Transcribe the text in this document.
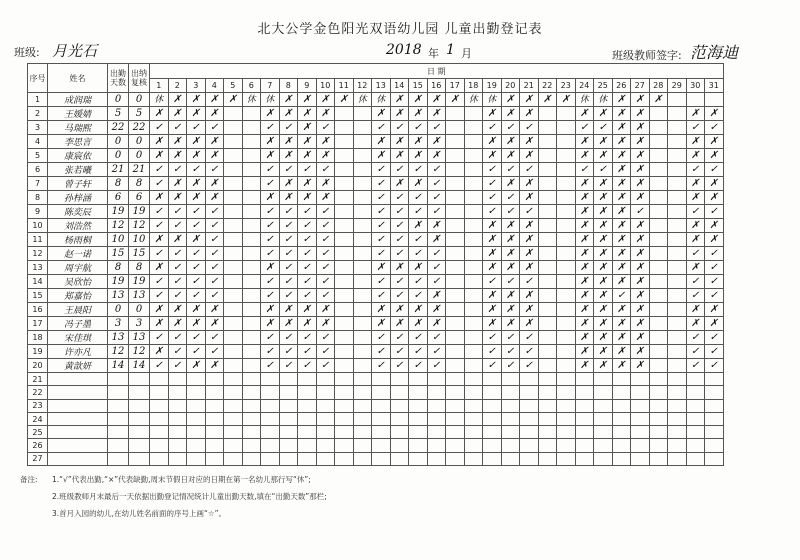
北大公学金色阳光双语幼儿园 儿童出勤登记表
班级: 月光石	2018 年 1 月	班级教师签字: 范海迪
序号	姓名	出勤天数	出纳复核	日 期																														
				1	2	3	4	5	6	7	8	9	10	11	12	13	14	15	16	17	18	19	20	21	22	23	24	25	26	27	28	29	30	31
1	成润瑞	0	0	休	✗	✗	✗	✗	休	休	✗	✗	✗	✗	休	休	✗	✗	✗	✗	休	休	✗	✗	✗	✗	休	休	✗	✗	✗			
2	王媛婧	5	5	✗	✗	✗	✗			✗	✗	✗	✗			✗	✗	✗	✗			✗	✗	✗			✗	✗	✗	✗			✗	✗
3	马瑞熙	22	22	✓	✓	✓	✓			✓	✓	✗	✓			✓	✓	✓	✓			✓	✓	✓			✓	✓	✗	✗			✓	✓
4	李思言	0	0	✗	✗	✗	✗			✗	✗	✗	✗			✗	✗	✗	✗			✗	✗	✗			✗	✗	✗	✗			✗	✗
5	康宸依	0	0	✗	✗	✗	✗			✗	✗	✗	✗			✗	✗	✗	✗			✗	✗	✗			✗	✗	✗	✗			✗	✗
6	张若曦	21	21	✓	✓	✓	✓			✓	✓	✓	✓			✓	✓	✓	✓			✓	✓	✓			✓	✓	✗	✗			✓	✓
7	曾子轩	8	8	✓	✗	✗	✗			✓	✗	✗	✗			✓	✗	✗	✓			✓	✗	✗			✗	✗	✗	✗			✗	✗
8	孙梓涵	6	6	✗	✗	✗	✗			✗	✗	✗	✗			✓	✓	✓	✓			✓	✓	✗			✗	✗	✗	✗			✗	✗
9	陈奕辰	19	19	✓	✓	✓	✓			✓	✓	✓	✓			✓	✓	✓	✓			✓	✓	✓			✗	✗	✗	✓			✓	✓
10	刘浩然	12	12	✓	✓	✓	✓			✓	✓	✓	✓			✓	✓	✗	✗			✗	✗	✗			✗	✗	✗	✗			✗	✗
11	杨雨桐	10	10	✗	✗	✗	✓			✓	✓	✓	✓			✓	✓	✓	✗			✗	✗	✗			✗	✗	✗	✗			✗	✗
12	赵一诺	15	15	✓	✓	✓	✓			✓	✓	✓	✓			✓	✓	✓	✓			✗	✗	✗			✗	✗	✗	✗			✓	✓
13	周宇航	8	8	✗	✓	✓	✓			✗	✓	✓	✓			✗	✗	✗	✓			✗	✗	✗			✗	✗	✗	✗			✗	✓
14	吴欣怡	19	19	✓	✓	✓	✓			✓	✓	✓	✓			✓	✓	✓	✓			✓	✓	✓			✗	✗	✗	✗			✓	✓
15	郑嘉怡	13	13	✓	✓	✓	✓			✓	✓	✓	✓			✓	✓	✓	✗			✗	✗	✗			✗	✗	✓	✗			✓	✓
16	王晨阳	0	0	✗	✗	✗	✗			✗	✗	✗	✗			✗	✗	✗	✗			✗	✗	✗			✗	✗	✗	✗			✗	✗
17	冯子墨	3	3	✗	✗	✗	✗			✗	✗	✗	✗			✗	✗	✗	✗			✗	✗	✗			✗	✗	✗	✗			✗	✗
18	宋佳琪	13	13	✓	✓	✓	✓			✓	✓	✓	✓			✓	✓	✓	✓			✓	✓	✓			✗	✗	✗	✗			✓	✓
19	许亦凡	12	12	✗	✓	✓	✓			✓	✓	✓	✓			✓	✓	✓	✓			✓	✓	✓			✗	✗	✗	✗			✓	✓
20	黄歆妍	14	14	✓	✓	✗	✗			✓	✓	✓	✓			✓	✓	✓	✓			✓	✓	✓			✗	✗	✗	✗			✓	✓
21																																		
22																																		
23																																		
24																																		
25																																		
26																																		
27																																		
备注: 1.“√”代表出勤,“×”代表缺勤,周末节假日对应的日期在第一名幼儿那行写“休”;
2.班级教师月末最后一天依据出勤登记情况统计儿童出勤天数,填在“出勤天数”那栏;
3.首月入园的幼儿,在幼儿姓名前面的序号上画“☆”。
